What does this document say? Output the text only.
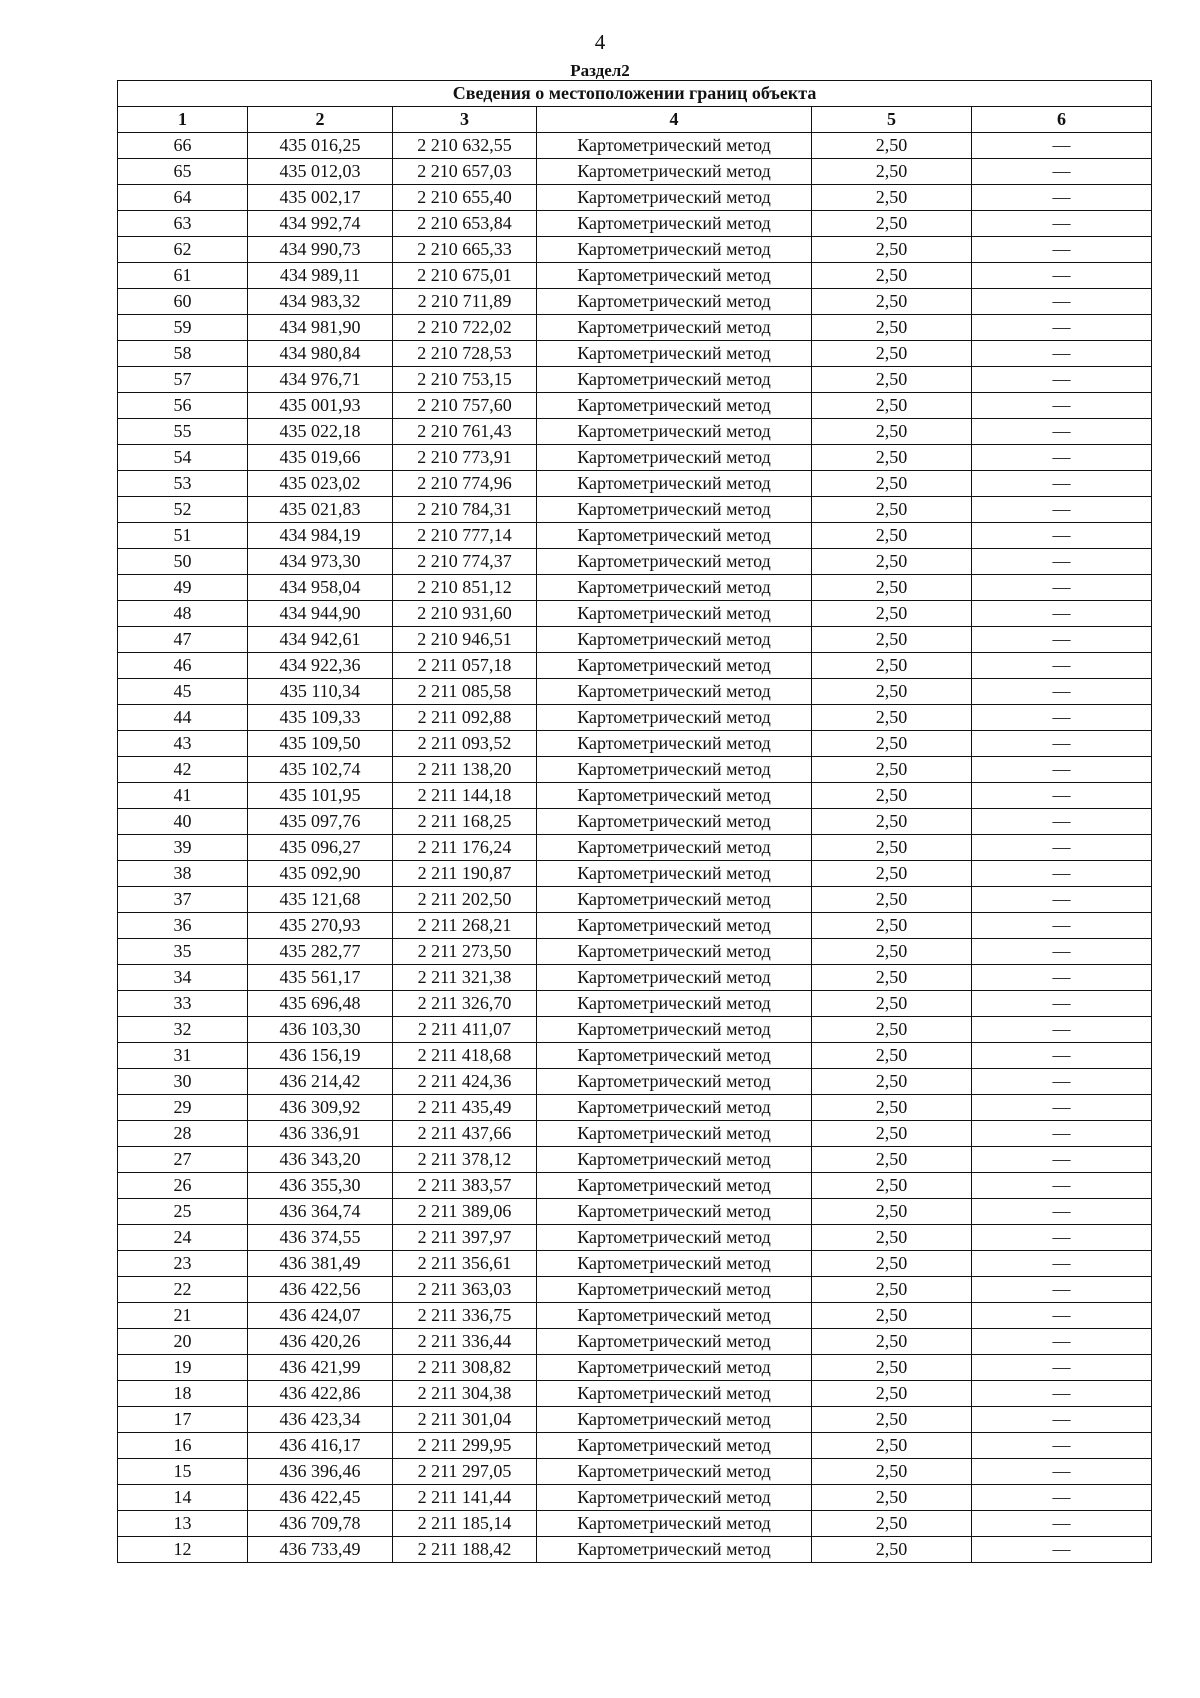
4
Раздел2
Сведения о местоположении границ объекта					
1	2	3	4	5	6
66	435 016,25	2 210 632,55	Картометрический метод	2,50	—
65	435 012,03	2 210 657,03	Картометрический метод	2,50	—
64	435 002,17	2 210 655,40	Картометрический метод	2,50	—
63	434 992,74	2 210 653,84	Картометрический метод	2,50	—
62	434 990,73	2 210 665,33	Картометрический метод	2,50	—
61	434 989,11	2 210 675,01	Картометрический метод	2,50	—
60	434 983,32	2 210 711,89	Картометрический метод	2,50	—
59	434 981,90	2 210 722,02	Картометрический метод	2,50	—
58	434 980,84	2 210 728,53	Картометрический метод	2,50	—
57	434 976,71	2 210 753,15	Картометрический метод	2,50	—
56	435 001,93	2 210 757,60	Картометрический метод	2,50	—
55	435 022,18	2 210 761,43	Картометрический метод	2,50	—
54	435 019,66	2 210 773,91	Картометрический метод	2,50	—
53	435 023,02	2 210 774,96	Картометрический метод	2,50	—
52	435 021,83	2 210 784,31	Картометрический метод	2,50	—
51	434 984,19	2 210 777,14	Картометрический метод	2,50	—
50	434 973,30	2 210 774,37	Картометрический метод	2,50	—
49	434 958,04	2 210 851,12	Картометрический метод	2,50	—
48	434 944,90	2 210 931,60	Картометрический метод	2,50	—
47	434 942,61	2 210 946,51	Картометрический метод	2,50	—
46	434 922,36	2 211 057,18	Картометрический метод	2,50	—
45	435 110,34	2 211 085,58	Картометрический метод	2,50	—
44	435 109,33	2 211 092,88	Картометрический метод	2,50	—
43	435 109,50	2 211 093,52	Картометрический метод	2,50	—
42	435 102,74	2 211 138,20	Картометрический метод	2,50	—
41	435 101,95	2 211 144,18	Картометрический метод	2,50	—
40	435 097,76	2 211 168,25	Картометрический метод	2,50	—
39	435 096,27	2 211 176,24	Картометрический метод	2,50	—
38	435 092,90	2 211 190,87	Картометрический метод	2,50	—
37	435 121,68	2 211 202,50	Картометрический метод	2,50	—
36	435 270,93	2 211 268,21	Картометрический метод	2,50	—
35	435 282,77	2 211 273,50	Картометрический метод	2,50	—
34	435 561,17	2 211 321,38	Картометрический метод	2,50	—
33	435 696,48	2 211 326,70	Картометрический метод	2,50	—
32	436 103,30	2 211 411,07	Картометрический метод	2,50	—
31	436 156,19	2 211 418,68	Картометрический метод	2,50	—
30	436 214,42	2 211 424,36	Картометрический метод	2,50	—
29	436 309,92	2 211 435,49	Картометрический метод	2,50	—
28	436 336,91	2 211 437,66	Картометрический метод	2,50	—
27	436 343,20	2 211 378,12	Картометрический метод	2,50	—
26	436 355,30	2 211 383,57	Картометрический метод	2,50	—
25	436 364,74	2 211 389,06	Картометрический метод	2,50	—
24	436 374,55	2 211 397,97	Картометрический метод	2,50	—
23	436 381,49	2 211 356,61	Картометрический метод	2,50	—
22	436 422,56	2 211 363,03	Картометрический метод	2,50	—
21	436 424,07	2 211 336,75	Картометрический метод	2,50	—
20	436 420,26	2 211 336,44	Картометрический метод	2,50	—
19	436 421,99	2 211 308,82	Картометрический метод	2,50	—
18	436 422,86	2 211 304,38	Картометрический метод	2,50	—
17	436 423,34	2 211 301,04	Картометрический метод	2,50	—
16	436 416,17	2 211 299,95	Картометрический метод	2,50	—
15	436 396,46	2 211 297,05	Картометрический метод	2,50	—
14	436 422,45	2 211 141,44	Картометрический метод	2,50	—
13	436 709,78	2 211 185,14	Картометрический метод	2,50	—
12	436 733,49	2 211 188,42	Картометрический метод	2,50	—
